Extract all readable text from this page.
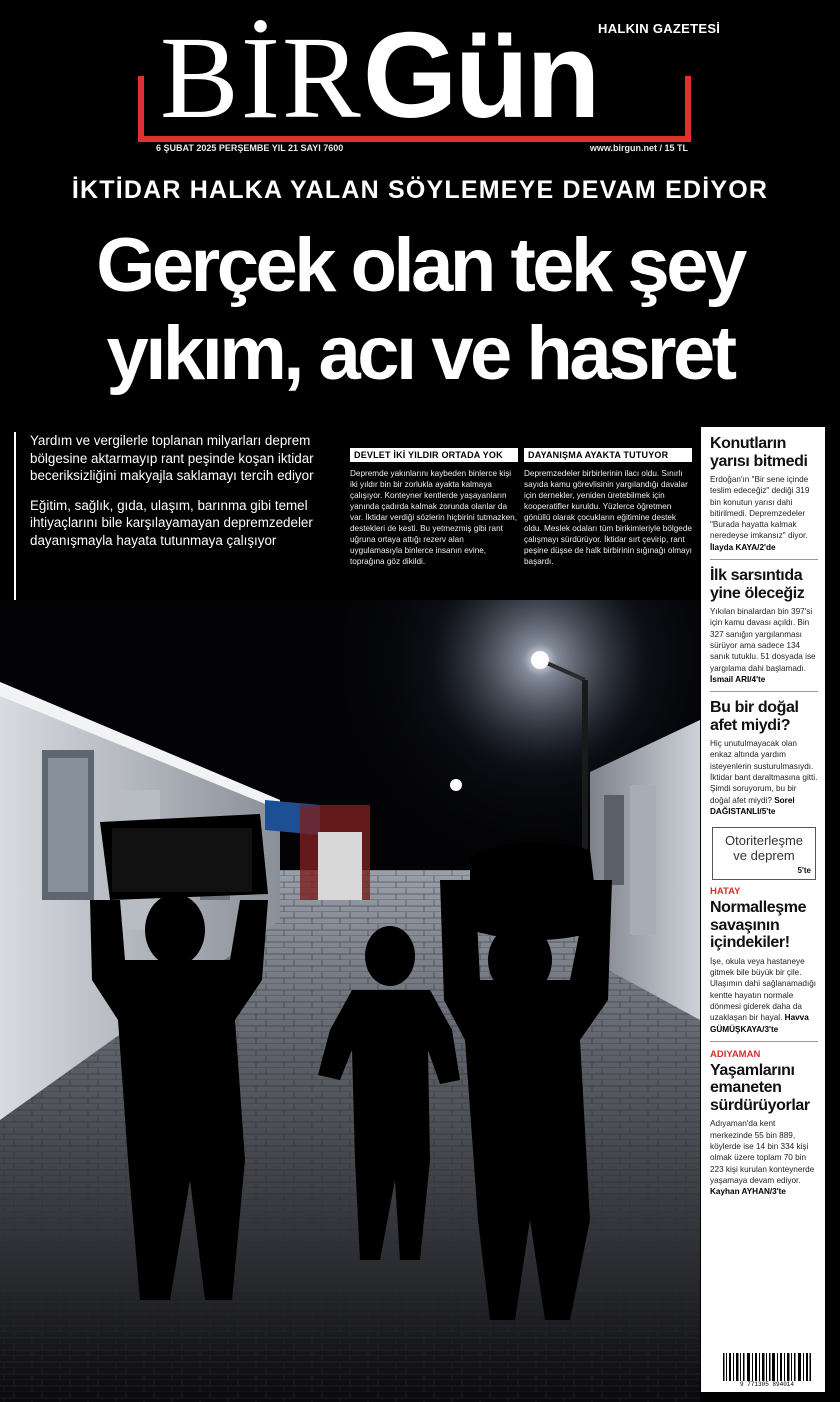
BİRGün HALKIN GAZETESİ
6 ŞUBAT 2025 PERŞEMBE YIL 21 SAYI 7600	www.birgun.net / 15 TL
İKTİDAR HALKA YALAN SÖYLEMEYE DEVAM EDİYOR
Gerçek olan tek şey
yıkım, acı ve hasret

Yardım ve vergilerle toplanan milyarları deprem bölgesine aktarmayıp rant peşinde koşan iktidar beceriksizliğini makyajla saklamayı tercih ediyor

Eğitim, sağlık, gıda, ulaşım, barınma gibi temel ihtiyaçlarını bile karşılayamayan depremzedeler dayanışmayla hayata tutunmaya çalışıyor

DEVLET İKİ YILDIR ORTADA YOK
Depremde yakınlarını kaybeden binlerce kişi iki yıldır bin bir zorlukla ayakta kalmaya çalışıyor. Konteyner kentlerde yaşayanların yanında çadırda kalmak zorunda olanlar da var. İktidar verdiği sözlerin hiçbirini tutmazken, destekleri de kesti. Bu yetmezmiş gibi rant uğruna ortaya attığı rezerv alan uygulamasıyla binlerce insanın evine, toprağına göz dikildi.
DAYANIŞMA AYAKTA TUTUYOR
Depremzedeler birbirlerinin ilacı oldu. Sınırlı sayıda kamu görevlisinin yargılandığı davalar için dernekler, yeniden üretebilmek için kooperatifler kuruldu. Yüzlerce öğretmen gönüllü olarak çocukların eğitimine destek oldu. Meslek odaları tüm birikimleriyle bölgede çalışmayı sürdürüyor. İktidar sırt çevirip, rant peşine düşse de halk birbirinin sığınağı olmayı başardı.
Konutların yarısı bitmedi
Erdoğan'ın "Bir sene içinde teslim edeceğiz" dediği 319 bin konutun yarısı dahi bitirilmedi. Depremzedeler "Burada hayatta kalmak neredeyse imkansız" diyor. İlayda KAYA/2'de
İlk sarsıntıda yine öleceğiz
Yıkılan binalardan bin 397'si için kamu davası açıldı. Bin 327 sanığın yargılanması sürüyor ama sadece 134 sanık tutuklu. 51 dosyada ise yargılama dahi başlamadı. İsmail ARI/4'te
Bu bir doğal afet miydi?
Hiç unutulmayacak olan enkaz altında yardım isteyenlerin susturulmasıydı. İktidar bant daraltmasına gitti. Şimdi soruyorum, bu bir doğal afet miydi? Sorel DAĞISTANLI/5'te
Otoriterleşme ve deprem
5'te
HATAY
Normalleşme savaşının içindekiler!
İşe, okula veya hastaneye gitmek bile büyük bir çile. Ulaşımın dahi sağlanamadığı kentte hayatın normale dönmesi giderek daha da uzaklaşan bir hayal. Havva GÜMÜŞKAYA/3'te
ADIYAMAN
Yaşamlarını emaneten sürdürüyorlar
Adıyaman'da kent merkezinde 55 bin 889, köylerde ise 14 bin 334 kişi olmak üzere toplam 70 bin 223 kişi kurulan konteynerde yaşamaya devam ediyor. Kayhan AYHAN/3'te
9 771305 894014
